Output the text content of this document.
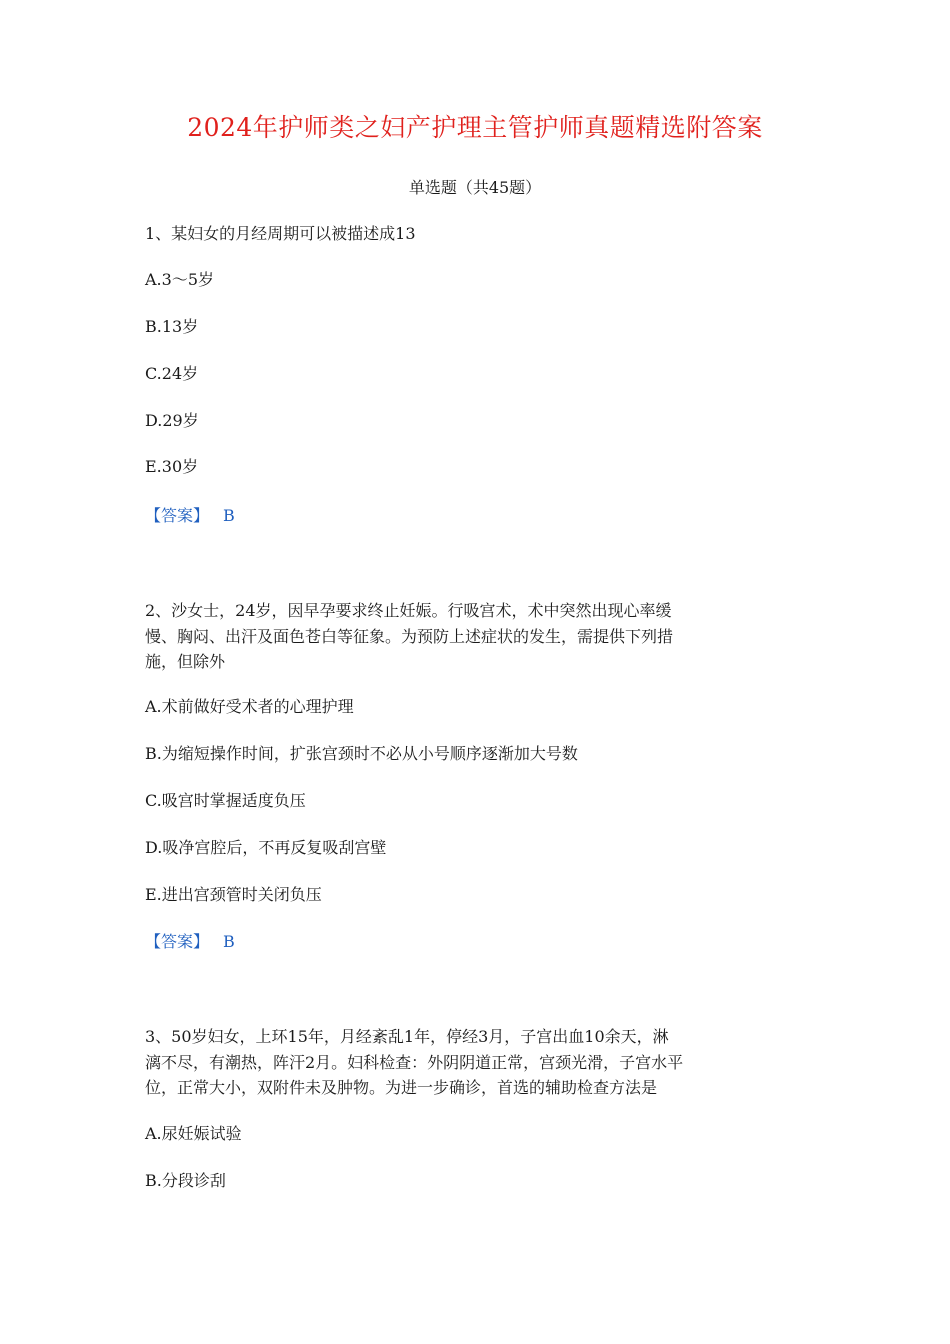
2024年护师类之妇产护理主管护师真题精选附答案
单选题（共45题）
1、某妇女的月经周期可以被描述成13
A.3～5岁
B.13岁
C.24岁
D.29岁
E.30岁
【答案】 B
2、沙女士，24岁，因早孕要求终止妊娠。行吸宫术，术中突然出现心率缓
慢、胸闷、出汗及面色苍白等征象。为预防上述症状的发生，需提供下列措
施，但除外
A.术前做好受术者的心理护理
B.为缩短操作时间，扩张宫颈时不必从小号顺序逐渐加大号数
C.吸宫时掌握适度负压
D.吸净宫腔后，不再反复吸刮宫壁
E.进出宫颈管时关闭负压
【答案】 B
3、50岁妇女，上环15年，月经紊乱1年，停经3月，子宫出血10余天，淋
漓不尽，有潮热，阵汗2月。妇科检查：外阴阴道正常，宫颈光滑，子宫水平
位，正常大小，双附件未及肿物。为进一步确诊，首选的辅助检查方法是
A.尿妊娠试验
B.分段诊刮
